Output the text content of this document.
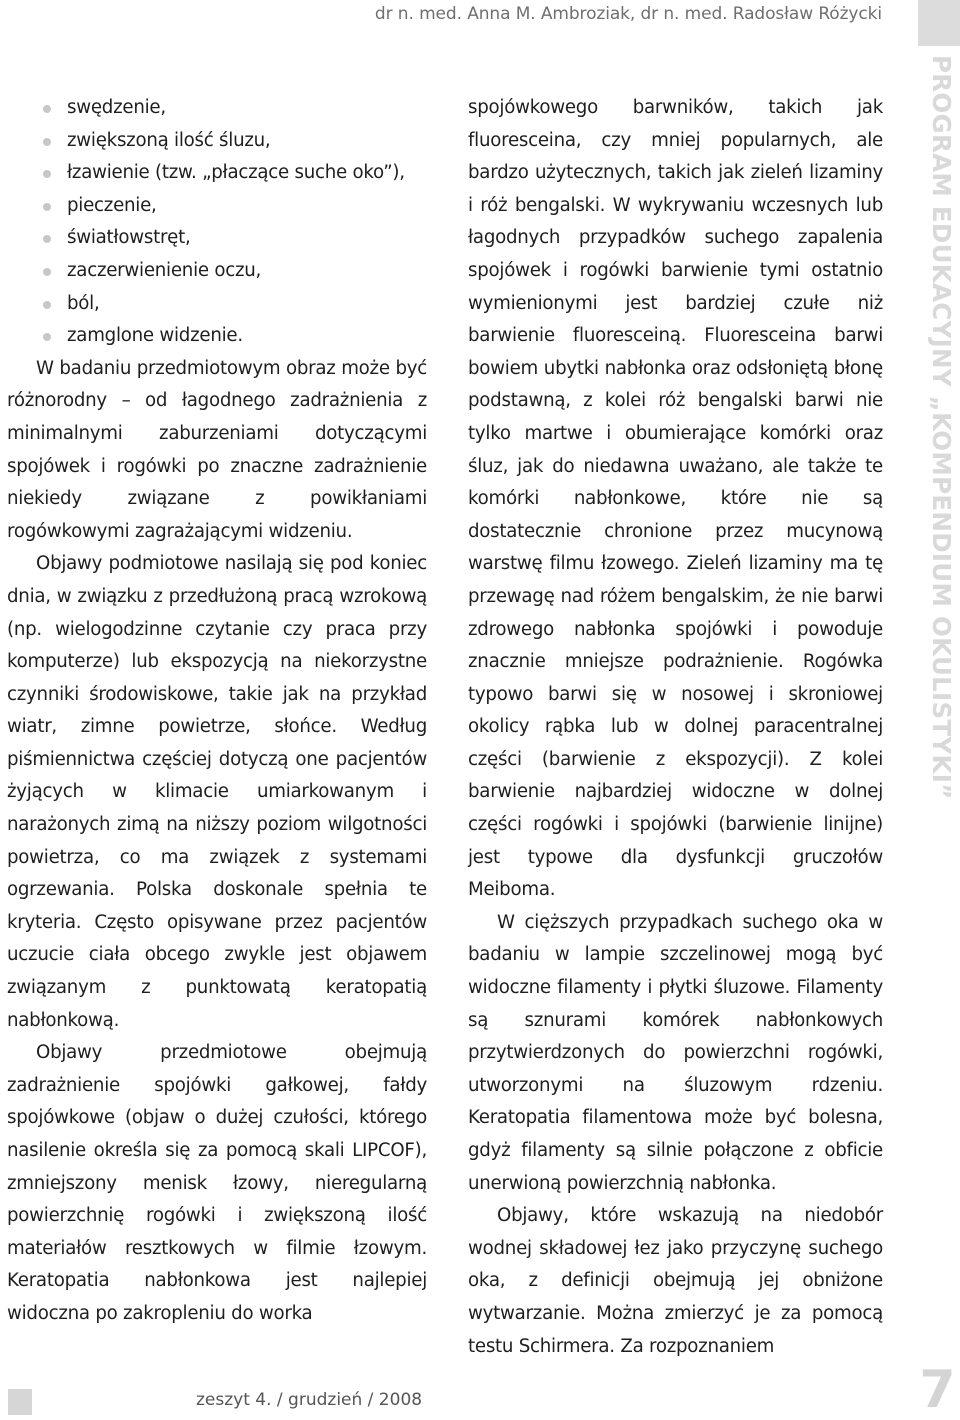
dr n. med. Anna M. Ambroziak, dr n. med. Radosław Różycki
PROGRAM EDUKACYJNY „KOMPENDIUM OKULISTYKI”
swędzenie,
zwiększoną ilość śluzu,
łzawienie (tzw. „płaczące suche oko”),
pieczenie,
światłowstręt,
zaczerwienienie oczu,
ból,
zamglone widzenie.

W badaniu przedmiotowym obraz może być różnorodny – od łagodnego zadrażnienia z minimalnymi zaburzeniami dotyczącymi spojówek i rogówki po znaczne zadrażnienie niekiedy związane z powikłaniami rogówkowymi zagrażającymi widzeniu.

Objawy podmiotowe nasilają się pod koniec dnia, w związku z przedłużoną pracą wzrokową (np. wielogodzinne czytanie czy praca przy komputerze) lub ekspozycją na niekorzystne czynniki środowiskowe, takie jak na przykład wiatr, zimne powietrze, słońce. Według piśmiennictwa częściej dotyczą one pacjentów żyjących w klimacie umiarkowanym i narażonych zimą na niższy poziom wilgotności powietrza, co ma związek z systemami ogrzewania. Polska doskonale spełnia te kryteria. Często opisywane przez pacjentów uczucie ciała obcego zwykle jest objawem związanym z punktowatą keratopatią nabłonkową.

Objawy przedmiotowe obejmują zadrażnienie spojówki gałkowej, fałdy spojówkowe (objaw o dużej czułości, którego nasilenie określa się za pomocą skali LIPCOF), zmniejszony menisk łzowy, nieregularną powierzchnię rogówki i zwiększoną ilość materiałów resztkowych w filmie łzowym. Keratopatia nabłonkowa jest najlepiej widoczna po zakropleniu do worka

spojówkowego barwników, takich jak fluoresceina, czy mniej popularnych, ale bardzo użytecznych, takich jak zieleń lizaminy i róż bengalski. W wykrywaniu wczesnych lub łagodnych przypadków suchego zapalenia spojówek i rogówki barwienie tymi ostatnio wymienionymi jest bardziej czułe niż barwienie fluoresceiną. Fluoresceina barwi bowiem ubytki nabłonka oraz odsłoniętą błonę podstawną, z kolei róż bengalski barwi nie tylko martwe i obumierające komórki oraz śluz, jak do niedawna uważano, ale także te komórki nabłonkowe, które nie są dostatecznie chronione przez mucynową warstwę filmu łzowego. Zieleń lizaminy ma tę przewagę nad różem bengalskim, że nie barwi zdrowego nabłonka spojówki i powoduje znacznie mniejsze podrażnienie. Rogówka typowo barwi się w nosowej i skroniowej okolicy rąbka lub w dolnej paracentralnej części (barwienie z ekspozycji). Z kolei barwienie najbardziej widoczne w dolnej części rogówki i spojówki (barwienie linijne) jest typowe dla dysfunkcji gruczołów Meiboma.

W cięższych przypadkach suchego oka w badaniu w lampie szczelinowej mogą być widoczne filamenty i płytki śluzowe. Filamenty są sznurami komórek nabłonkowych przytwierdzonych do powierzchni rogówki, utworzonymi na śluzowym rdzeniu. Keratopatia filamentowa może być bolesna, gdyż filamenty są silnie połączone z obficie unerwioną powierzchnią nabłonka.

Objawy, które wskazują na niedobór wodnej składowej łez jako przyczynę suchego oka, z definicji obejmują jej obniżone wytwarzanie. Można zmierzyć je za pomocą testu Schirmera. Za rozpoznaniem

zeszyt 4. / grudzień / 2008	7
